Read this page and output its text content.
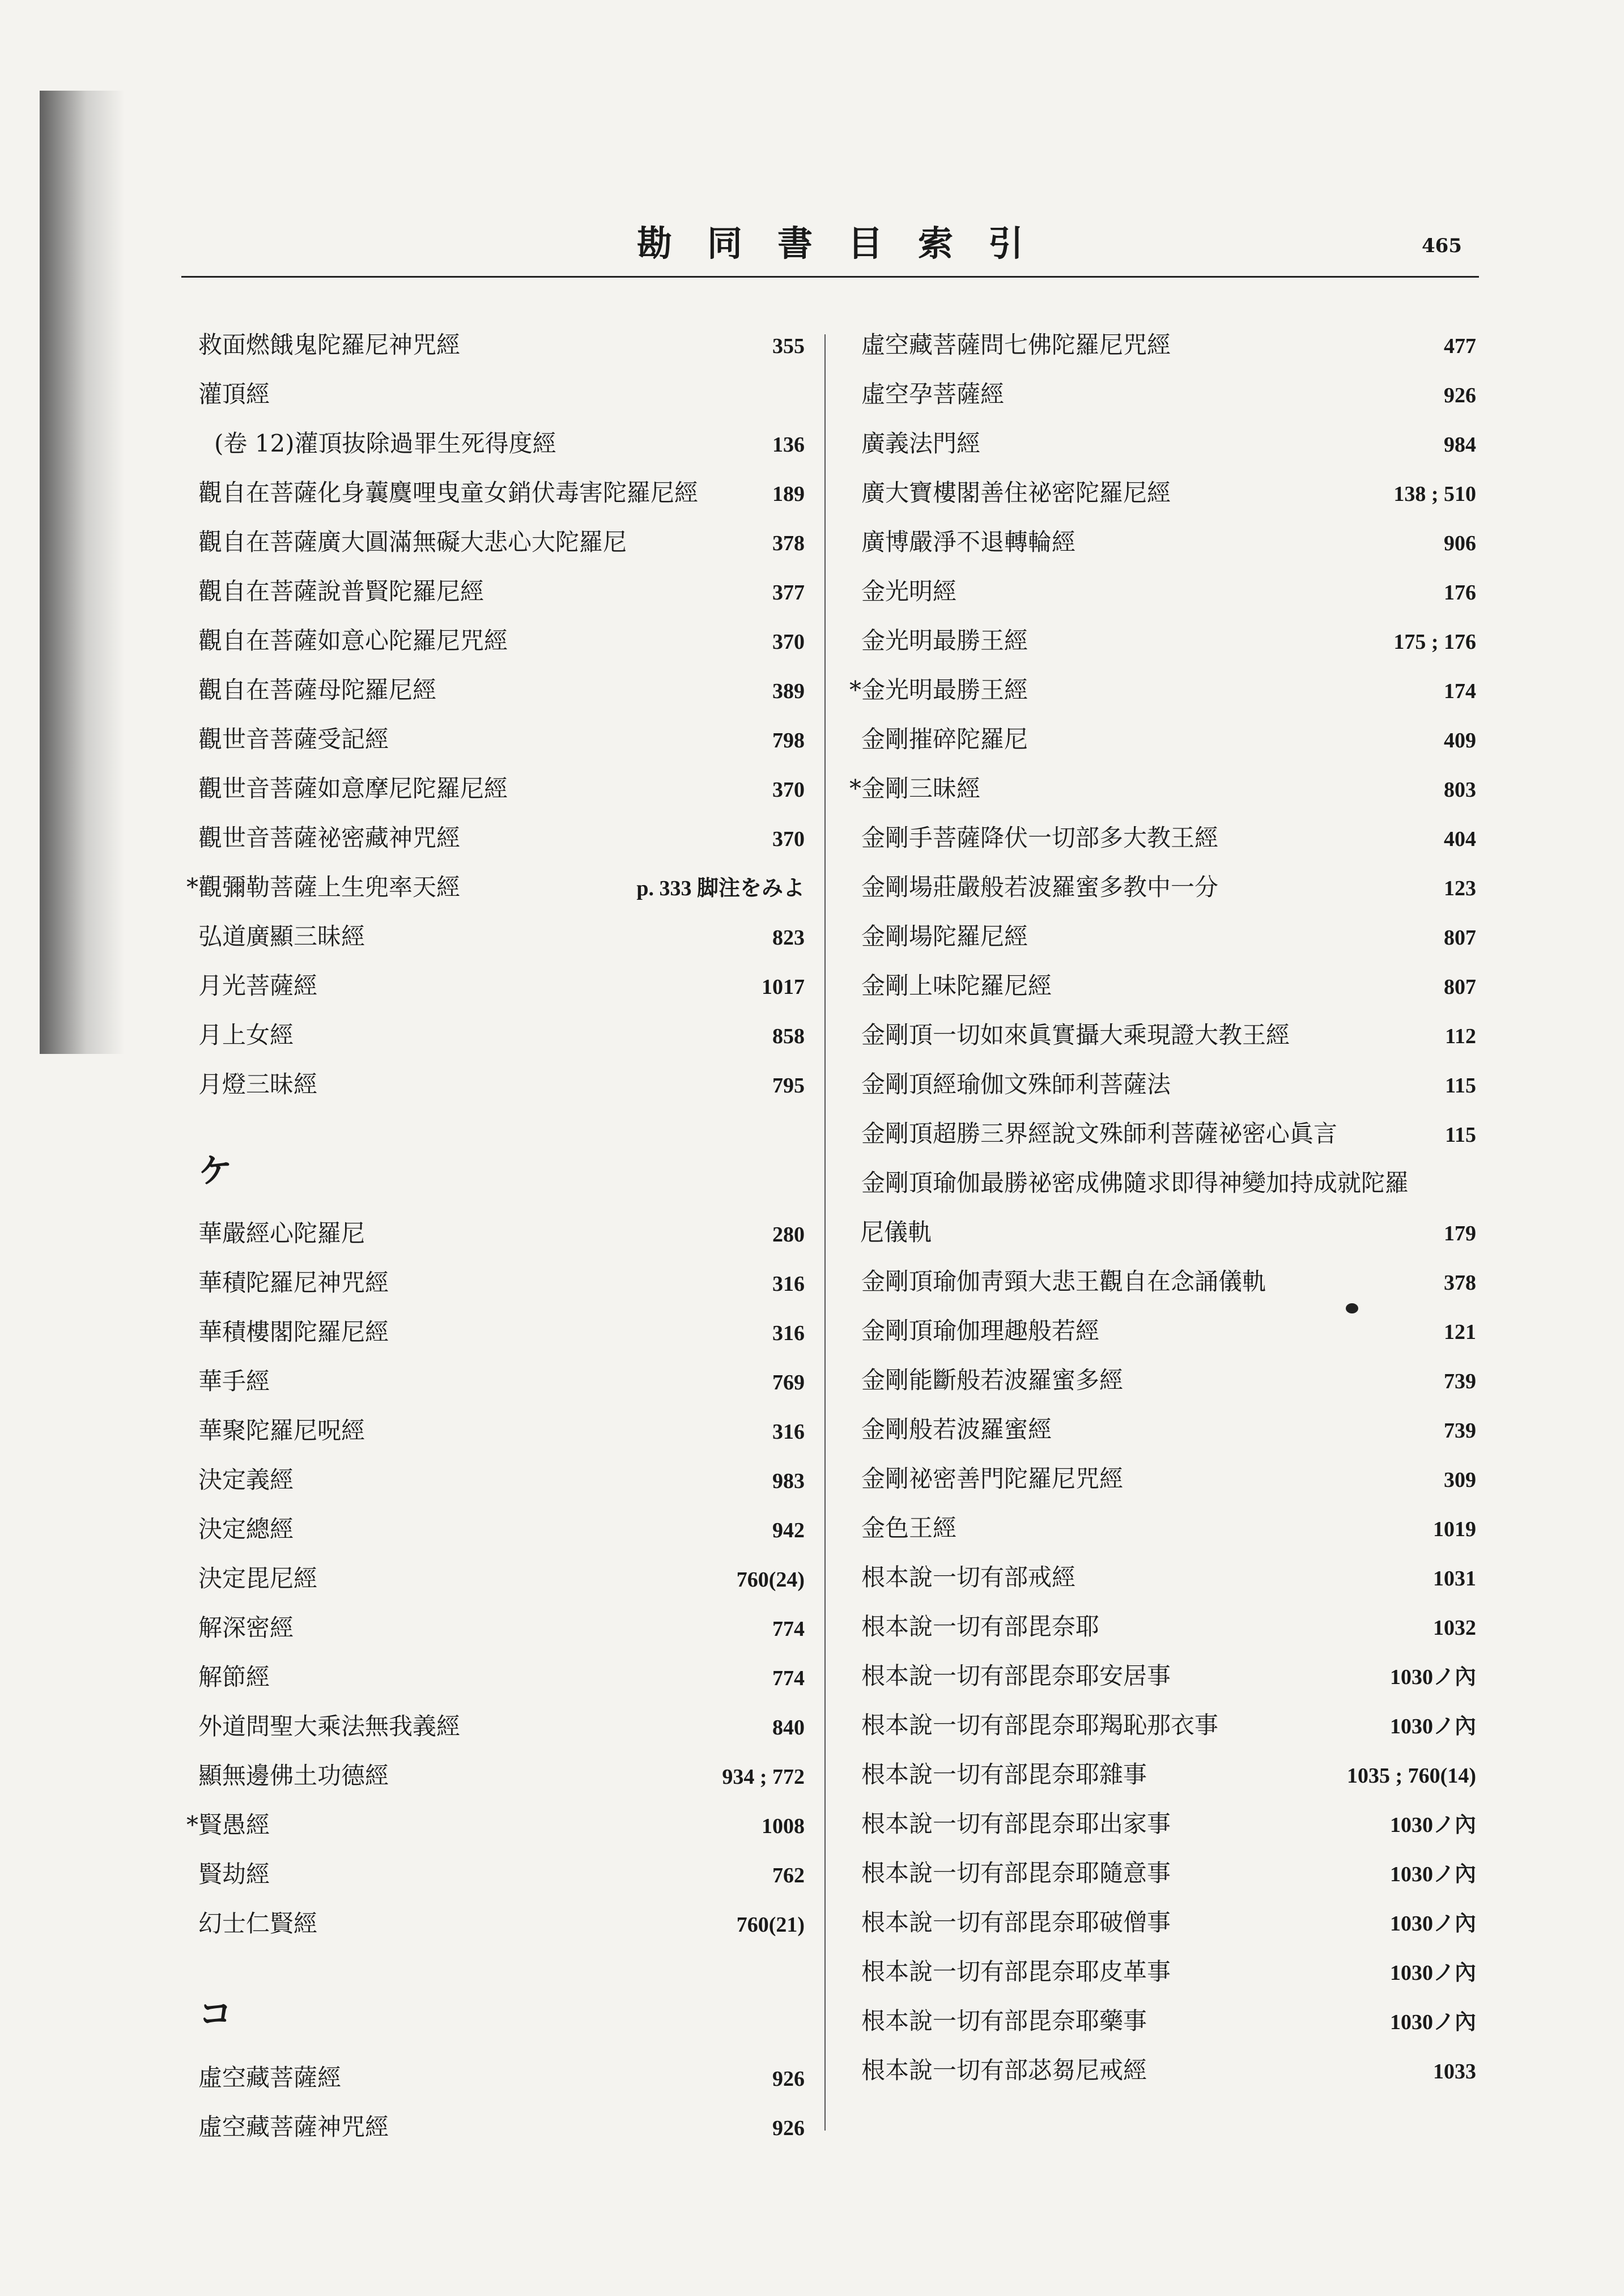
勘同書目索引	465
救面燃餓鬼陀羅尼神咒經	355
灌頂經
(卷 12)灌頂抜除過罪生死得度經	136
觀自在菩薩化身蘘麌哩曳童女銷伏毒害陀羅尼經	189
觀自在菩薩廣大圓滿無礙大悲心大陀羅尼	378
觀自在菩薩說普賢陀羅尼經	377
觀自在菩薩如意心陀羅尼咒經	370
觀自在菩薩母陀羅尼經	389
觀世音菩薩受記經	798
觀世音菩薩如意摩尼陀羅尼經	370
觀世音菩薩祕密藏神咒經	370
* 觀彌勒菩薩上生兜率天經	p. 333 脚注をみよ
弘道廣顯三昧經	823
月光菩薩經	1017
月上女經	858
月燈三昧經	795
ケ
華嚴經心陀羅尼	280
華積陀羅尼神咒經	316
華積樓閣陀羅尼經	316
華手經	769
華聚陀羅尼呪經	316
決定義經	983
決定總經	942
決定毘尼經	760(24)
解深密經	774
解節經	774
外道問聖大乘法無我義經	840
顯無邊佛土功德經	934 ; 772
* 賢愚經	1008
賢劫經	762
幻士仁賢經	760(21)
コ
虛空藏菩薩經	926
虛空藏菩薩神咒經	926
虛空藏菩薩問七佛陀羅尼咒經	477
虛空孕菩薩經	926
廣義法門經	984
廣大寶樓閣善住祕密陀羅尼經	138 ; 510
廣博嚴淨不退轉輪經	906
金光明經	176
金光明最勝王經	175 ; 176
* 金光明最勝王經	174
金剛摧碎陀羅尼	409
* 金剛三昧經	803
金剛手菩薩降伏一切部多大教王經	404
金剛場莊嚴般若波羅蜜多教中一分	123
金剛場陀羅尼經	807
金剛上味陀羅尼經	807
金剛頂一切如來眞實攝大乘現證大教王經	112
金剛頂經瑜伽文殊師利菩薩法	115
金剛頂超勝三界經說文殊師利菩薩祕密心眞言	115
金剛頂瑜伽最勝祕密成佛隨求即得神變加持成就陀羅
尼儀軌	179
金剛頂瑜伽靑頸大悲王觀自在念誦儀軌	378
金剛頂瑜伽理趣般若經	121
金剛能斷般若波羅蜜多經	739
金剛般若波羅蜜經	739
金剛祕密善門陀羅尼咒經	309
金色王經	1019
根本說一切有部戒經	1031
根本說一切有部毘奈耶	1032
根本說一切有部毘奈耶安居事	1030ノ內
根本說一切有部毘奈耶羯恥那衣事	1030ノ內
根本說一切有部毘奈耶雜事	1035 ; 760(14)
根本說一切有部毘奈耶出家事	1030ノ內
根本說一切有部毘奈耶隨意事	1030ノ內
根本說一切有部毘奈耶破僧事	1030ノ內
根本說一切有部毘奈耶皮革事	1030ノ內
根本說一切有部毘奈耶藥事	1030ノ內
根本說一切有部苾芻尼戒經	1033
